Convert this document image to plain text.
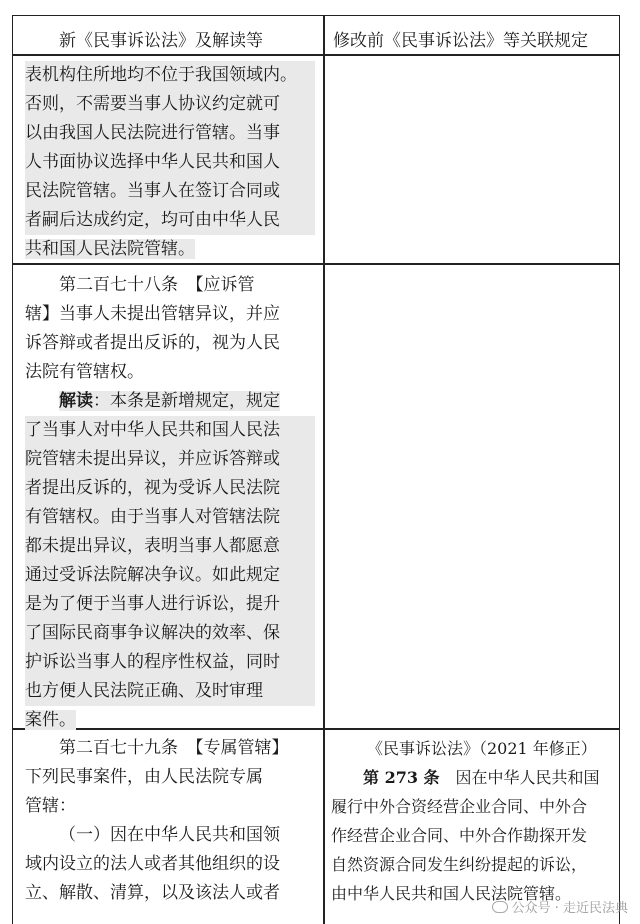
新《民事诉讼法》及解读等	修改前《民事诉讼法》等关联规定

表机构住所地均不位于我国领域内。

否则，不需要当事人协议约定就可

以由我国人民法院进行管辖。当事

人书面协议选择中华人民共和国人

民法院管辖。当事人在签订合同或

者嗣后达成约定，均可由中华人民

共和国人民法院管辖。

第二百七十八条　【应诉管

辖】当事人未提出管辖异议，并应

诉答辩或者提出反诉的，视为人民

法院有管辖权。

解读：本条是新增规定，规定

了当事人对中华人民共和国人民法

院管辖未提出异议，并应诉答辩或

者提出反诉的，视为受诉人民法院

有管辖权。由于当事人对管辖法院

都未提出异议，表明当事人都愿意

通过受诉法院解决争议。如此规定

是为了便于当事人进行诉讼，提升

了国际民商事争议解决的效率、保

护诉讼当事人的程序性权益，同时

也方便人民法院正确、及时审理

案件。

第二百七十九条　【专属管辖】

下列民事案件，由人民法院专属

管辖：

（一）因在中华人民共和国领

域内设立的法人或者其他组织的设

立、解散、清算，以及该法人或者

《民事诉讼法》（2021 年修正）

第 273 条　因在中华人民共和国

履行中外合资经营企业合同、中外合

作经营企业合同、中外合作勘探开发

自然资源合同发生纠纷提起的诉讼，

由中华人民共和国人民法院管辖。

公众号 · 走近民法典
